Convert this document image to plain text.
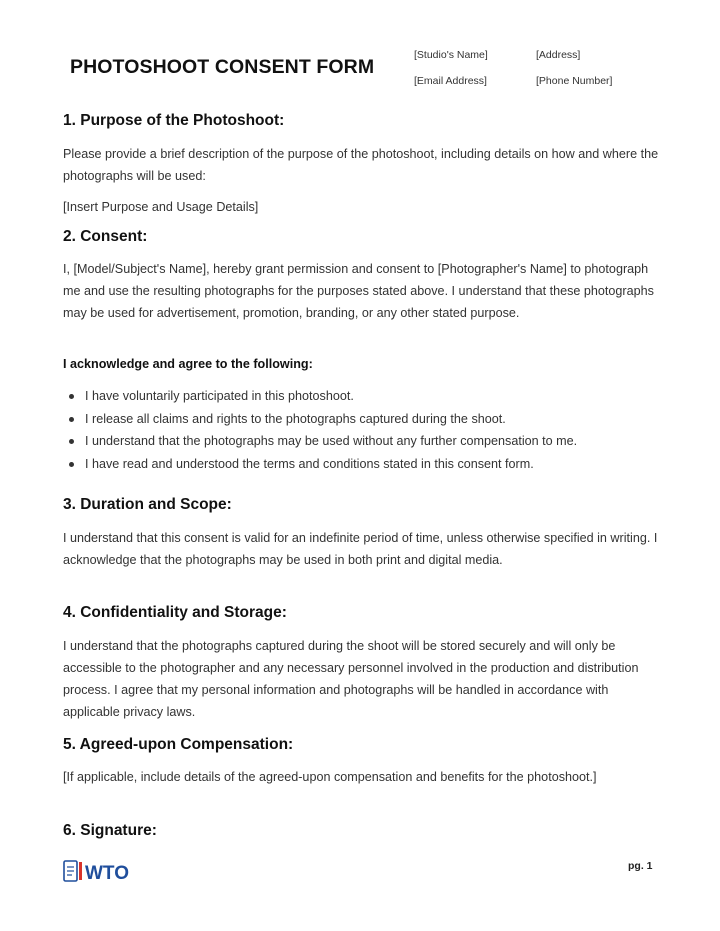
PHOTOSHOOT CONSENT FORM
[Studio's Name]	[Address]
[Email Address]	[Phone Number]
1. Purpose of the Photoshoot:
Please provide a brief description of the purpose of the photoshoot, including details on how and where the photographs will be used:
[Insert Purpose and Usage Details]
2. Consent:
I, [Model/Subject's Name], hereby grant permission and consent to [Photographer's Name] to photograph me and use the resulting photographs for the purposes stated above. I understand that these photographs may be used for advertisement, promotion, branding, or any other stated purpose.
I acknowledge and agree to the following:
I have voluntarily participated in this photoshoot.
I release all claims and rights to the photographs captured during the shoot.
I understand that the photographs may be used without any further compensation to me.
I have read and understood the terms and conditions stated in this consent form.
3. Duration and Scope:
I understand that this consent is valid for an indefinite period of time, unless otherwise specified in writing. I acknowledge that the photographs may be used in both print and digital media.
4. Confidentiality and Storage:
I understand that the photographs captured during the shoot will be stored securely and will only be accessible to the photographer and any necessary personnel involved in the production and distribution process. I agree that my personal information and photographs will be handled in accordance with applicable privacy laws.
5. Agreed-upon Compensation:
[If applicable, include details of the agreed-upon compensation and benefits for the photoshoot.]
6. Signature:
WTO	pg. 1
